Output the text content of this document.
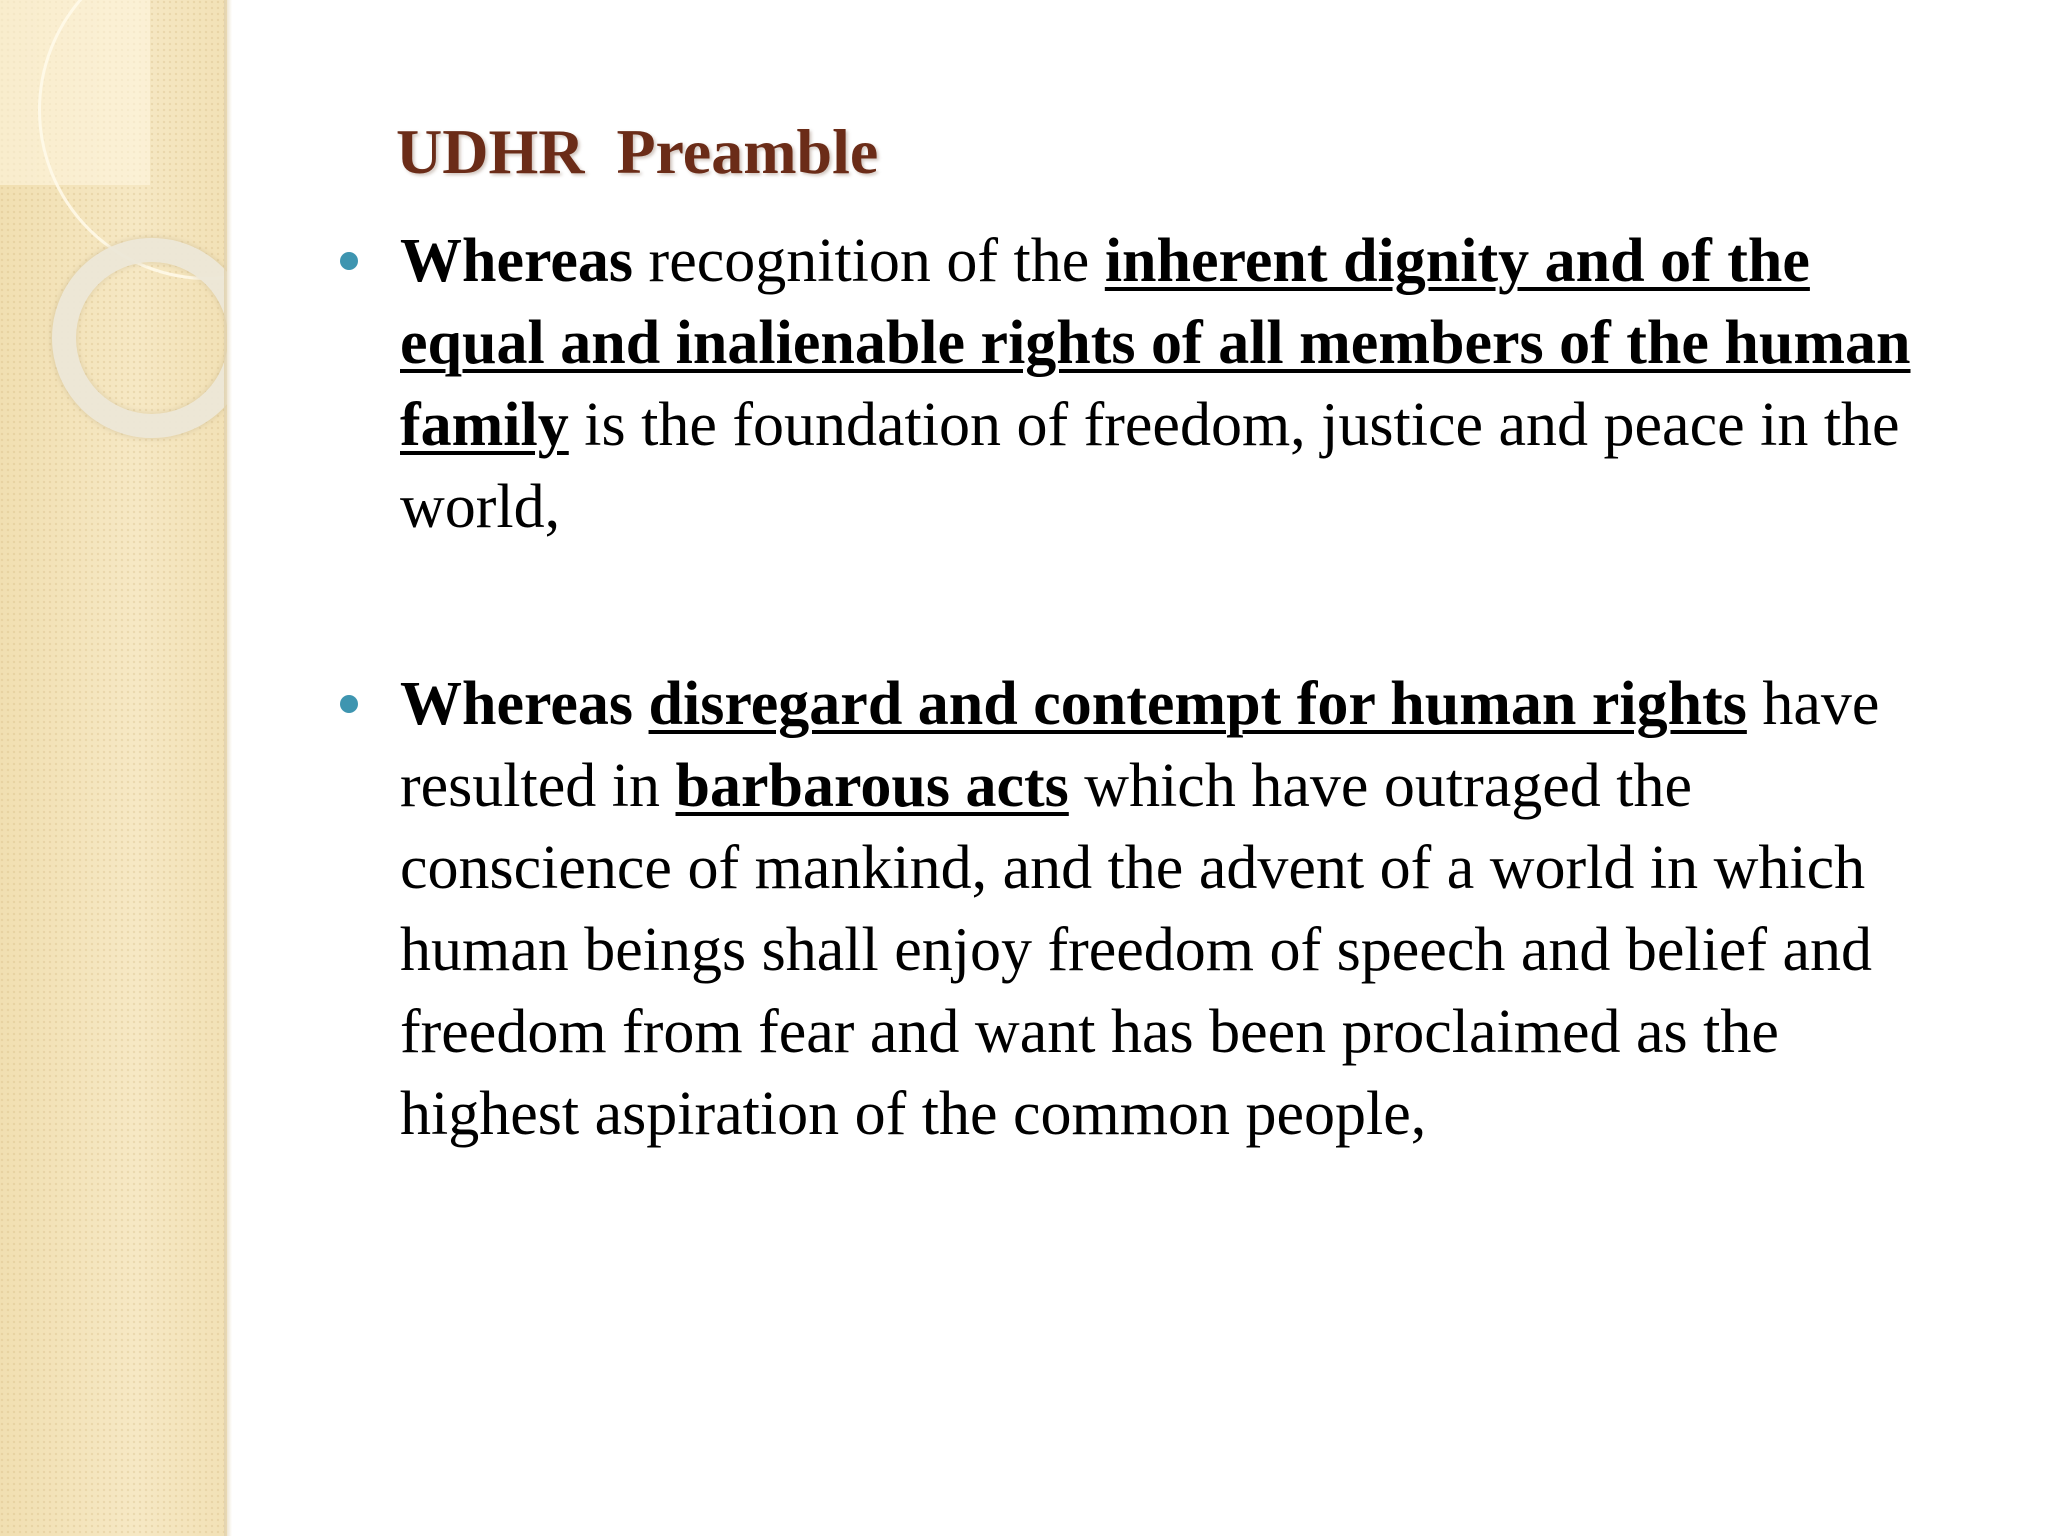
UDHR  Preamble
Whereas recognition of the inherent dignity and of the equal and inalienable rights of all members of the human family is the foundation of freedom, justice and peace in the world,
Whereas disregard and contempt for human rights have resulted in barbarous acts which have outraged the conscience of mankind, and the advent of a world in which human beings shall enjoy freedom of speech and belief and freedom from fear and want has been proclaimed as the highest aspiration of the common people,
